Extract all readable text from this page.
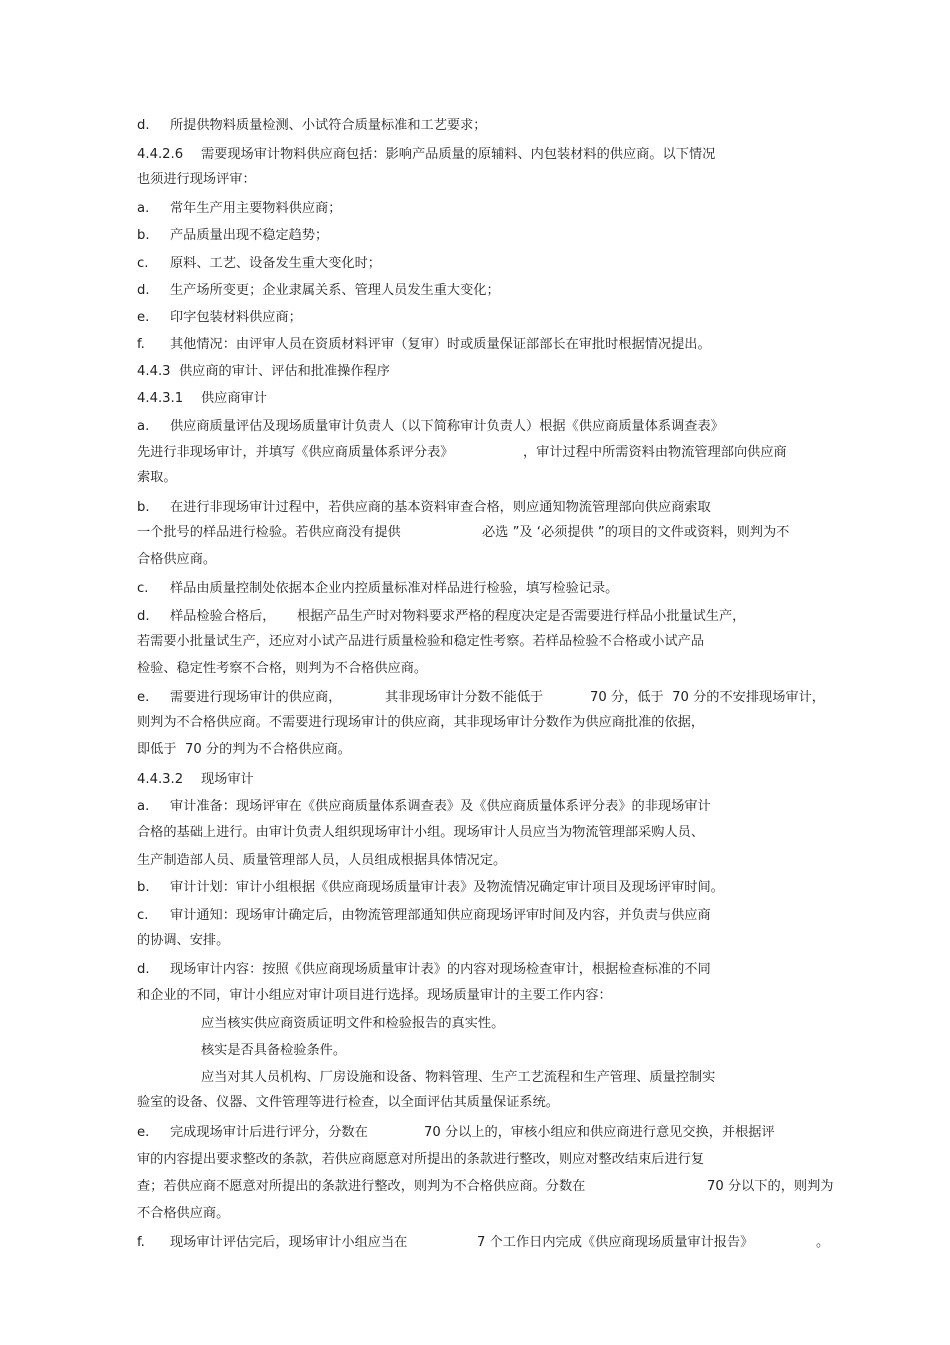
d.

所提供物料质量检测、小试符合质量标准和工艺要求；

4.4.2.6

需要现场审计物料供应商包括：影响产品质量的原辅料、内包装材料的供应商。以下情况

也须进行现场评审：

a.

常年生产用主要物料供应商；

b.

产品质量出现不稳定趋势；

c.

原料、工艺、设备发生重大变化时；

d.

生产场所变更；企业隶属关系、管理人员发生重大变化；

e.

印字包装材料供应商；

f.

其他情况：由评审人员在资质材料评审（复审）时或质量保证部部长在审批时根据情况提出。

4.4.3  供应商的审计、评估和批准操作程序

4.4.3.1

供应商审计

a.

供应商质量评估及现场质量审计负责人（以下简称审计负责人）根据《供应商质量体系调查表》

先进行非现场审计，并填写《供应商质量体系评分表》

	，审计过程中所需资料由物流管理部向供应商

索取。

b.

在进行非现场审计过程中，若供应商的基本资料审查合格，则应通知物流管理部向供应商索取

一个批号的样品进行检验。若供应商没有提供

	必选 ”及 ‘必须提供 ”的项目的文件或资料，则判为不

合格供应商。

c.

样品由质量控制处依据本企业内控质量标准对样品进行检验，填写检验记录。

d.

样品检验合格后，

根据产品生产时对物料要求严格的程度决定是否需要进行样品小批量试生产，

若需要小批量试生产，还应对小试产品进行质量检验和稳定性考察。若样品检验不合格或小试产品

检验、稳定性考察不合格，则判为不合格供应商。

e.

需要进行现场审计的供应商，

	其非现场审计分数不能低于

	70 分，低于  70 分的不安排现场审计，

则判为不合格供应商。不需要进行现场审计的供应商，其非现场审计分数作为供应商批准的依据，

即低于  70 分的判为不合格供应商。

4.4.3.2

现场审计

a.

审计准备：现场评审在《供应商质量体系调查表》及《供应商质量体系评分表》的非现场审计

合格的基础上进行。由审计负责人组织现场审计小组。现场审计人员应当为物流管理部采购人员、

生产制造部人员、质量管理部人员，人员组成根据具体情况定。

b.

审计计划：审计小组根据《供应商现场质量审计表》及物流情况确定审计项目及现场评审时间。

c.

审计通知：现场审计确定后，由物流管理部通知供应商现场评审时间及内容，并负责与供应商

的协调、安排。

d.

现场审计内容：按照《供应商现场质量审计表》的内容对现场检查审计，根据检查标准的不同

和企业的不同，审计小组应对审计项目进行选择。现场质量审计的主要工作内容：

应当核实供应商资质证明文件和检验报告的真实性。

核实是否具备检验条件。

应当对其人员机构、厂房设施和设备、物料管理、生产工艺流程和生产管理、质量控制实

验室的设备、仪器、文件管理等进行检查，以全面评估其质量保证系统。

e.

完成现场审计后进行评分，分数在

	70 分以上的，审核小组应和供应商进行意见交换，并根据评

审的内容提出要求整改的条款，若供应商愿意对所提出的条款进行整改，则应对整改结束后进行复

查；若供应商不愿意对所提出的条款进行整改，则判为不合格供应商。分数在

	70 分以下的，则判为

不合格供应商。

f.

现场审计评估完后，现场审计小组应当在

	7 个工作日内完成《供应商现场质量审计报告》

	。
